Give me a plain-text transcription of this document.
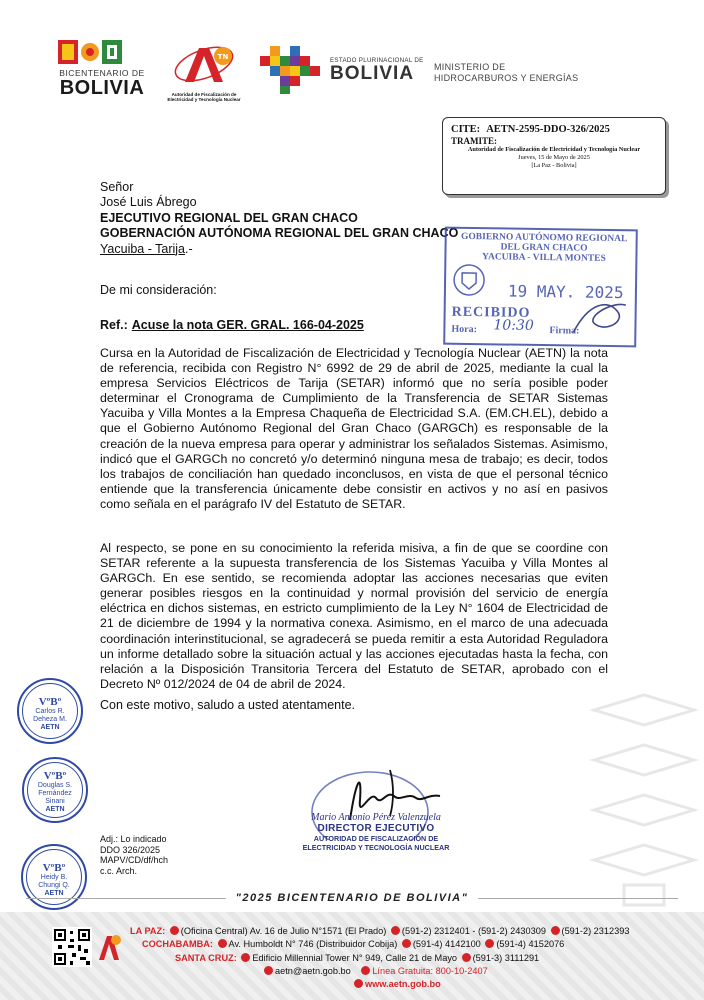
BICENTENARIO DE
BOLIVIA
TN
Autoridad de Fiscalización de Electricidad y Tecnología Nuclear
ESTADO PLURINACIONAL DE
BOLIVIA	MINISTERIO DE
HIDROCARBUROS Y ENERGÍAS
CITE: AETN-2595-DDO-326/2025
TRAMITE:
Autoridad de Fiscalización de Electricidad y Tecnología Nuclear
Jueves, 15 de Mayo de 2025
[La Paz - Bolivia]
Señor
José Luis Ábrego
EJECUTIVO REGIONAL DEL GRAN CHACO
GOBERNACIÓN AUTÓNOMA REGIONAL DEL GRAN CHACO
Yacuiba - Tarija.-
GOBIERNO AUTÓNOMO REGIONAL
DEL GRAN CHACO
YACUIBA - VILLA MONTES
19 MAY. 2025
RECIBIDO
Hora:	Firma:
10:30
De mi consideración:
Ref.: Acuse la nota GER. GRAL. 166-04-2025
Cursa en la Autoridad de Fiscalización de Electricidad y Tecnología Nuclear (AETN) la nota de referencia, recibida con Registro N° 6992 de 29 de abril de 2025, mediante la cual la empresa Servicios Eléctricos de Tarija (SETAR) informó que no sería posible poder determinar el Cronograma de Cumplimiento de la Transferencia de SETAR Sistemas Yacuiba y Villa Montes a la Empresa Chaqueña de Electricidad S.A. (EM.CH.EL), debido a que el Gobierno Autónomo Regional del Gran Chaco (GARGCh) es responsable de la creación de la nueva empresa para operar y administrar los señalados Sistemas. Asimismo, indicó que el GARGCh no concretó y/o determinó ninguna mesa de trabajo; es decir, todos los trabajos de conciliación han quedado inconclusos, en vista de que el personal técnico entiende que la transferencia únicamente debe consistir en activos y no así en pasivos como señala en el parágrafo IV del Estatuto de SETAR.
Al respecto, se pone en su conocimiento la referida misiva, a fin de que se coordine con SETAR referente a la supuesta transferencia de los Sistemas Yacuiba y Villa Montes al GARGCh. En ese sentido, se recomienda adoptar las acciones necesarias que eviten generar posibles riesgos en la continuidad y normal provisión del servicio de energía eléctrica en dichos sistemas, en estricto cumplimiento de la Ley N° 1604 de Electricidad de 21 de diciembre de 1994 y la normativa conexa. Asimismo, en el marco de una adecuada coordinación interinstitucional, se agradecerá se pueda remitir a esta Autoridad Reguladora un informe detallado sobre la situación actual y las acciones ejecutadas hasta la fecha, con relación a la Disposición Transitoria Tercera del Estatuto de SETAR, aprobado con el Decreto Nº 012/2024 de 04 de abril de 2024.
Con este motivo, saludo a usted atentamente.
VºBº
Carlos R.
Deheza M.
AETN
VºBº
Douglas S.
Fernández
Sinani
AETN
VºBº
Heidy B.
Chungi Q.
AETN
Mario Antonio Pérez Valenzuela
DIRECTOR EJECUTIVO
AUTORIDAD DE FISCALIZACIÓN DE
ELECTRICIDAD Y TECNOLOGÍA NUCLEAR
Adj.: Lo indicado
DDO 326/2025
MAPV/CD/df/hch
c.c. Arch.
"2025 BICENTENARIO DE BOLIVIA"
LA PAZ: (Oficina Central) Av. 16 de Julio N°1571 (El Prado) (591-2) 2312401 - (591-2) 2430309 (591-2) 2312393
COCHABAMBA: Av. Humboldt N° 746 (Distribuidor Cobija) (591-4) 4142100 (591-4) 4152076
SANTA CRUZ: Edificio Millennial Tower N° 949, Calle 21 de Mayo (591-3) 3111291
aetn@aetn.gob.bo Línea Gratuita: 800-10-2407
www.aetn.gob.bo
